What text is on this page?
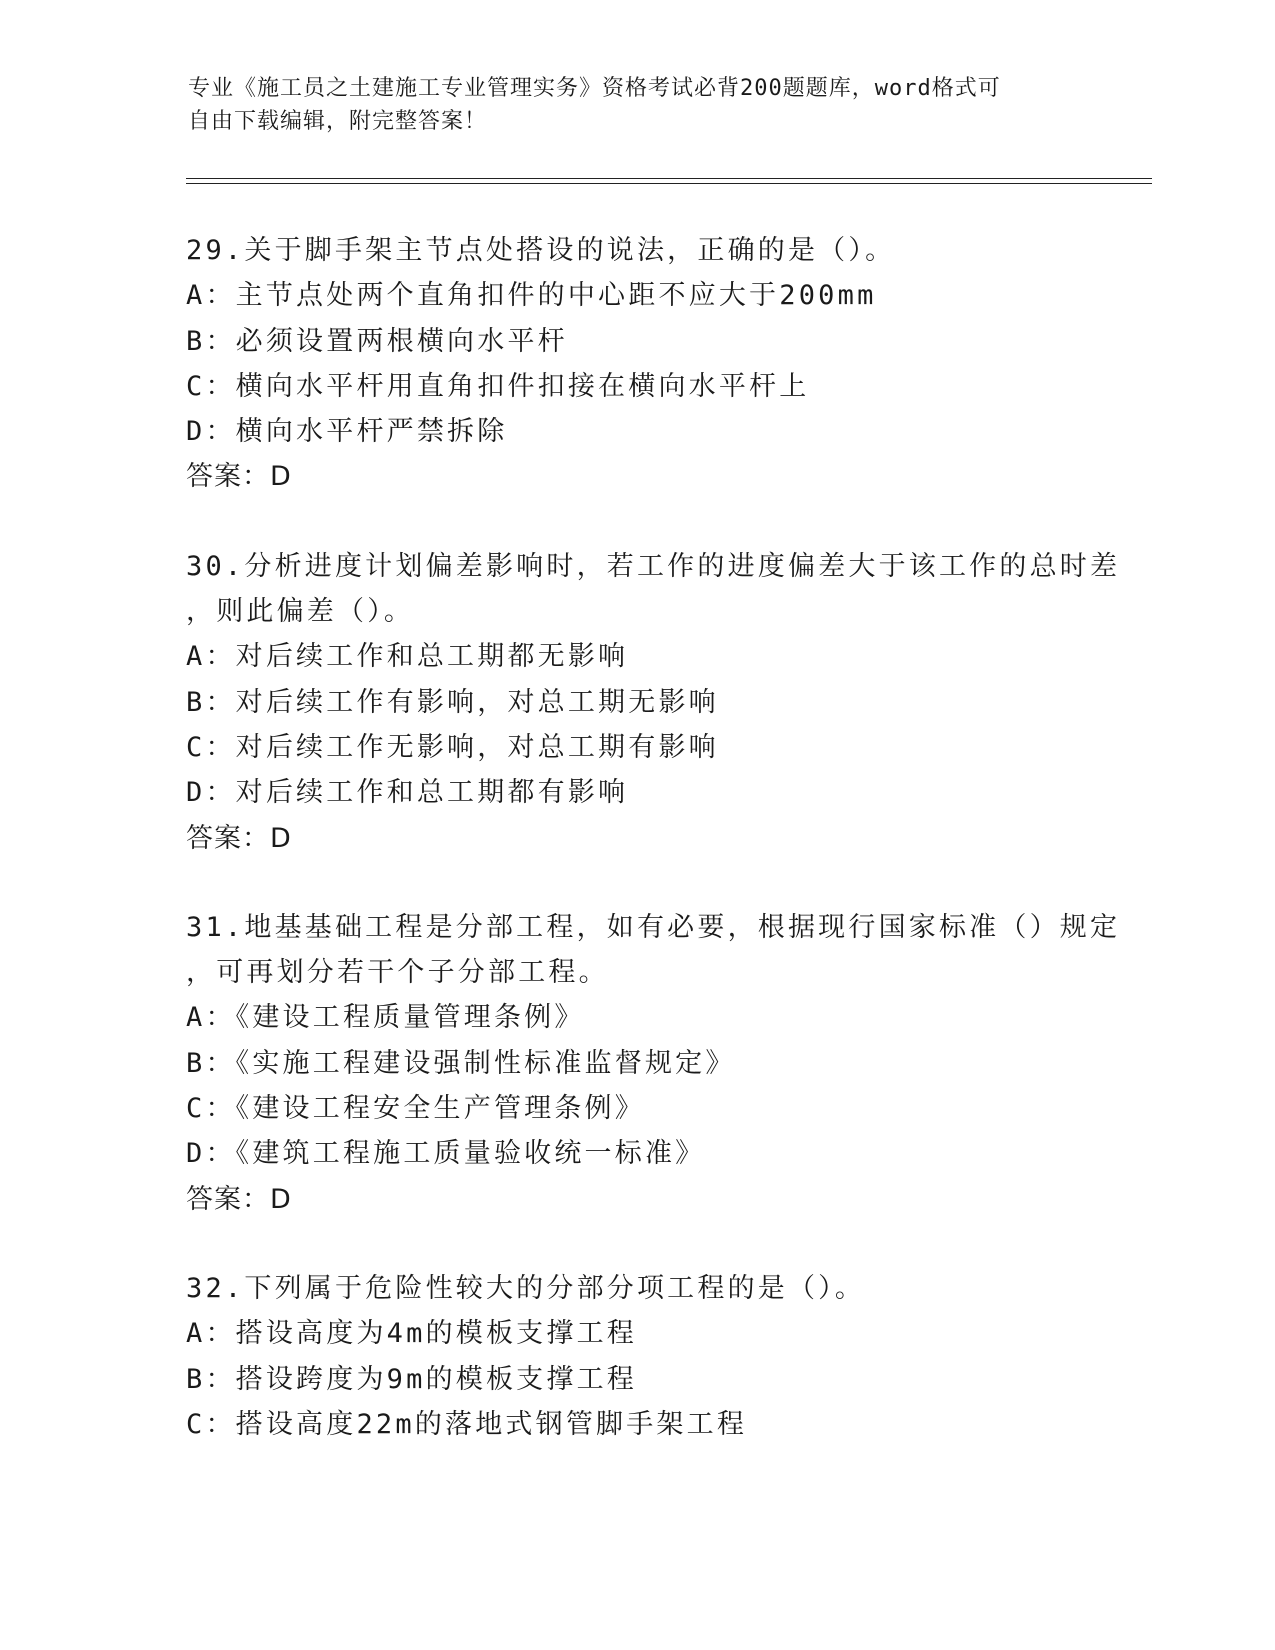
专业《施工员之土建施工专业管理实务》资格考试必背200题题库，word格式可
自由下载编辑，附完整答案！
29.关于脚手架主节点处搭设的说法，正确的是（）。
A：主节点处两个直角扣件的中心距不应大于200mm
B：必须设置两根横向水平杆
C：横向水平杆用直角扣件扣接在横向水平杆上
D：横向水平杆严禁拆除
答案：D
30.分析进度计划偏差影响时，若工作的进度偏差大于该工作的总时差
，则此偏差（）。
A：对后续工作和总工期都无影响
B：对后续工作有影响，对总工期无影响
C：对后续工作无影响，对总工期有影响
D：对后续工作和总工期都有影响
答案：D
31.地基基础工程是分部工程，如有必要，根据现行国家标准（）规定
，可再划分若干个子分部工程。
A：《建设工程质量管理条例》
B：《实施工程建设强制性标准监督规定》
C：《建设工程安全生产管理条例》
D：《建筑工程施工质量验收统一标准》
答案：D
32.下列属于危险性较大的分部分项工程的是（）。
A：搭设高度为4m的模板支撑工程
B：搭设跨度为9m的模板支撑工程
C：搭设高度22m的落地式钢管脚手架工程
